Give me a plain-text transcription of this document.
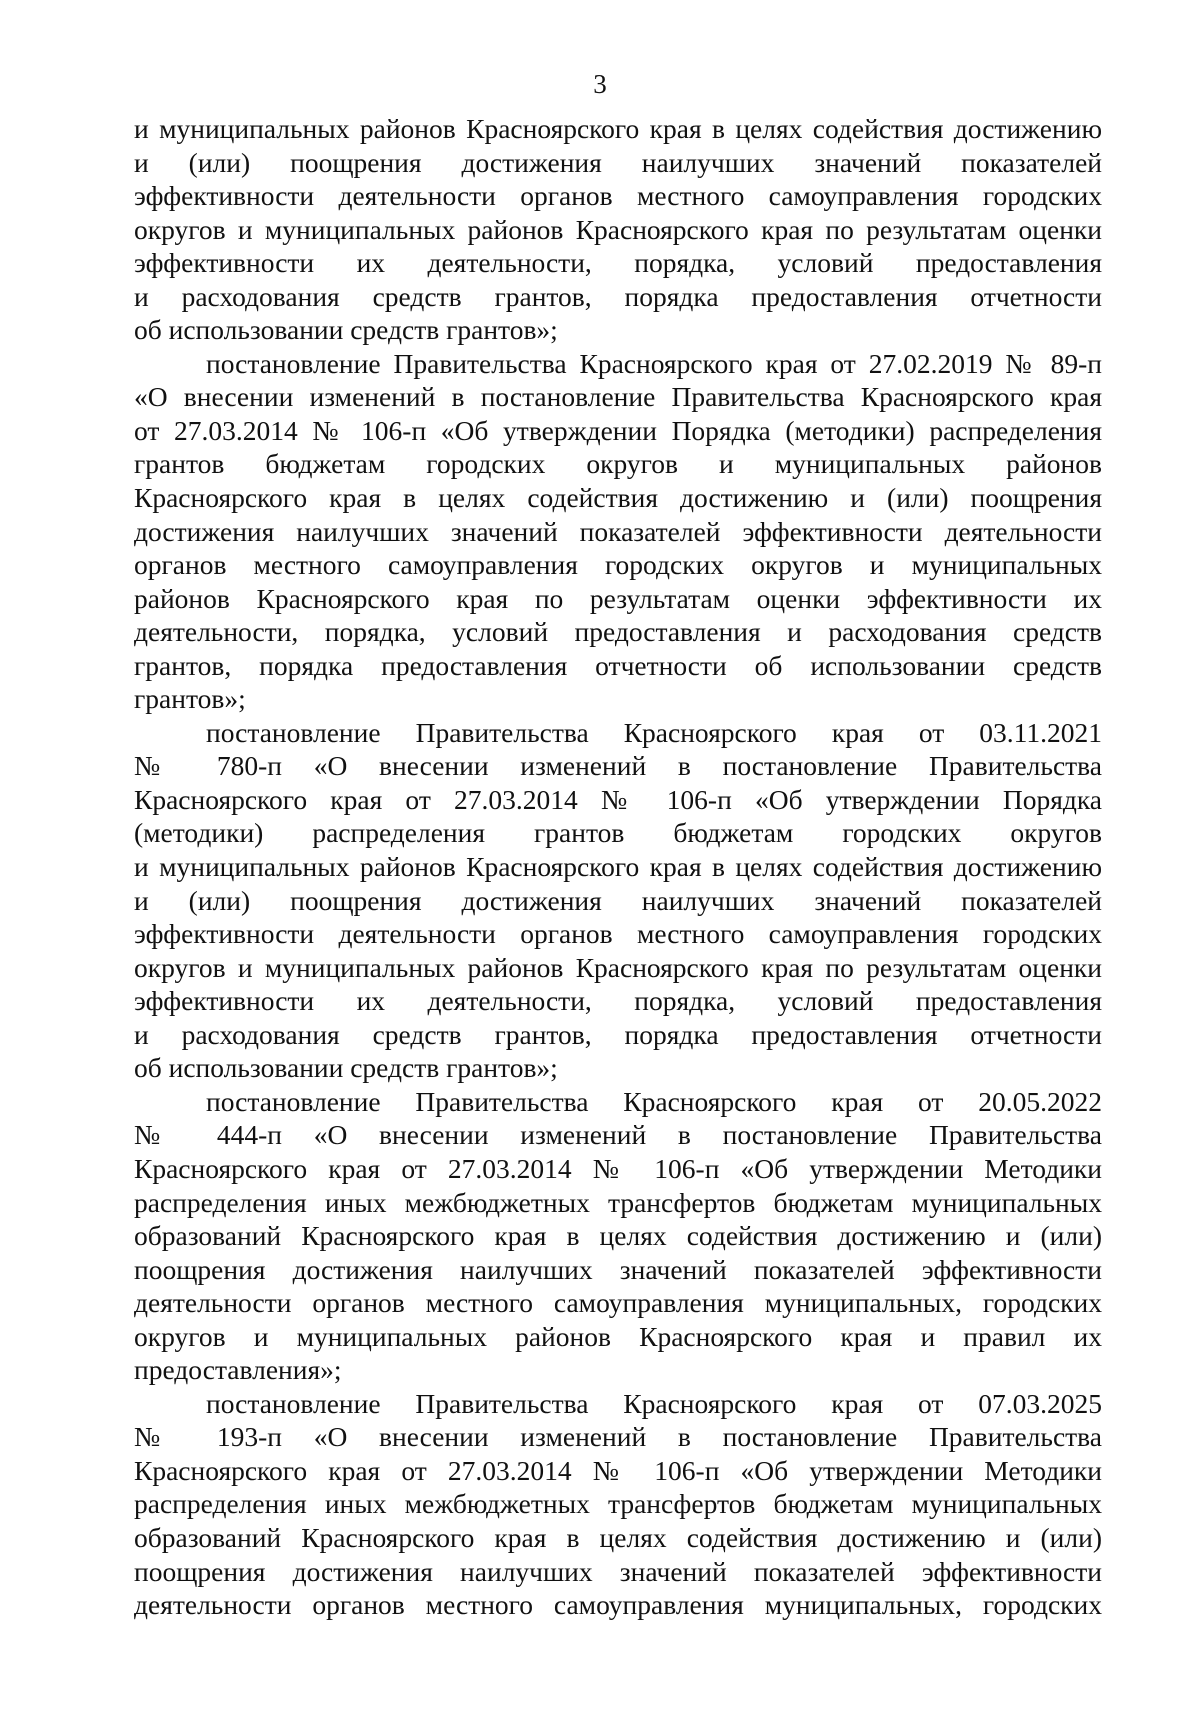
3
и муниципальных районов Красноярского края в целях содействия достижению
и (или) поощрения достижения наилучших значений показателей
эффективности деятельности органов местного самоуправления городских
округов и муниципальных районов Красноярского края по результатам оценки
эффективности их деятельности, порядка, условий предоставления
и расходования средств грантов, порядка предоставления отчетности
об использовании средств грантов»;
постановление Правительства Красноярского края от 27.02.2019 № 89-п
«О внесении изменений в постановление Правительства Красноярского края
от 27.03.2014 № 106-п «Об утверждении Порядка (методики) распределения
грантов бюджетам городских округов и муниципальных районов
Красноярского края в целях содействия достижению и (или) поощрения
достижения наилучших значений показателей эффективности деятельности
органов местного самоуправления городских округов и муниципальных
районов Красноярского края по результатам оценки эффективности их
деятельности, порядка, условий предоставления и расходования средств
грантов, порядка предоставления отчетности об использовании средств
грантов»;
постановление Правительства Красноярского края от 03.11.2021
№ 780-п «О внесении изменений в постановление Правительства
Красноярского края от 27.03.2014 № 106-п «Об утверждении Порядка
(методики) распределения грантов бюджетам городских округов
и муниципальных районов Красноярского края в целях содействия достижению
и (или) поощрения достижения наилучших значений показателей
эффективности деятельности органов местного самоуправления городских
округов и муниципальных районов Красноярского края по результатам оценки
эффективности их деятельности, порядка, условий предоставления
и расходования средств грантов, порядка предоставления отчетности
об использовании средств грантов»;
постановление Правительства Красноярского края от 20.05.2022
№ 444-п «О внесении изменений в постановление Правительства
Красноярского края от 27.03.2014 № 106-п «Об утверждении Методики
распределения иных межбюджетных трансфертов бюджетам муниципальных
образований Красноярского края в целях содействия достижению и (или)
поощрения достижения наилучших значений показателей эффективности
деятельности органов местного самоуправления муниципальных, городских
округов и муниципальных районов Красноярского края и правил их
предоставления»;
постановление Правительства Красноярского края от 07.03.2025
№ 193-п «О внесении изменений в постановление Правительства
Красноярского края от 27.03.2014 № 106-п «Об утверждении Методики
распределения иных межбюджетных трансфертов бюджетам муниципальных
образований Красноярского края в целях содействия достижению и (или)
поощрения достижения наилучших значений показателей эффективности
деятельности органов местного самоуправления муниципальных, городских
